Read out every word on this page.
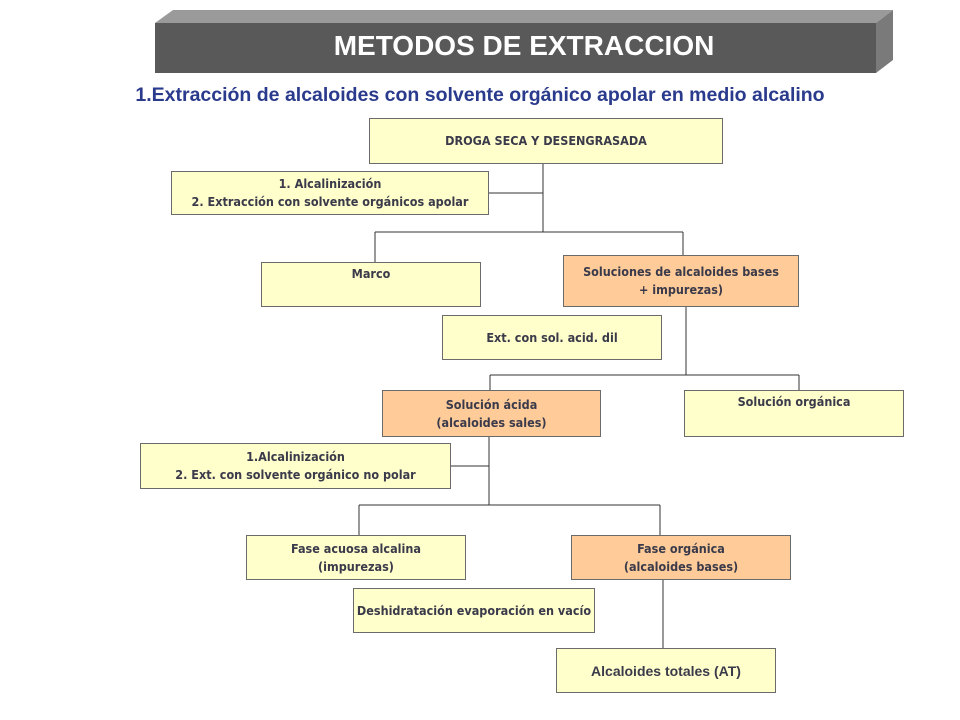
METODOS DE EXTRACCION
1.Extracción de alcaloides con solvente orgánico apolar en medio alcalino
DROGA SECA Y DESENGRASADA
1. Alcalinización
2. Extracción con solvente orgánicos apolar
Marco	Soluciones de alcaloides bases
+ impurezas)
Ext. con sol. acid. dil
Solución ácida
(alcaloides sales)
Solución orgánica
1.Alcalinización
2. Ext. con solvente orgánico no polar
Fase acuosa alcalina
(impurezas)
Fase orgánica
(alcaloides bases)
Deshidratación evaporación en vacío
Alcaloides totales (AT)
